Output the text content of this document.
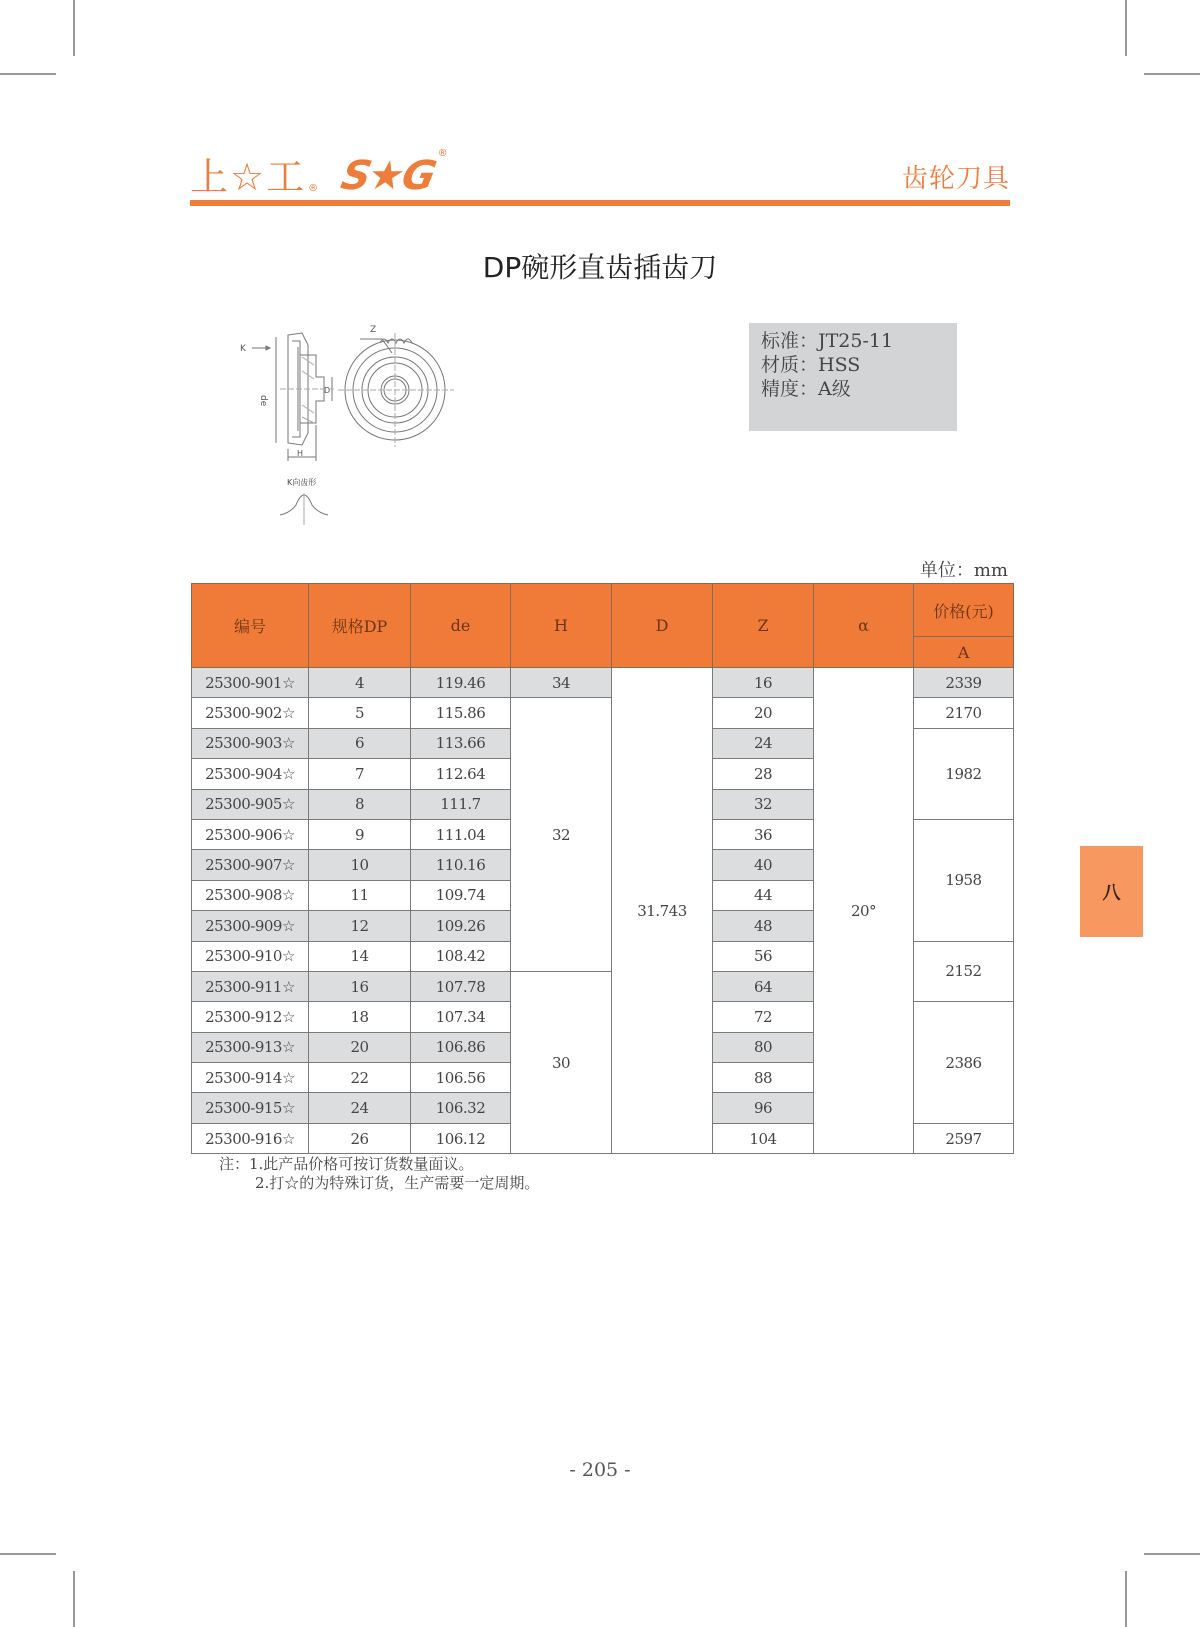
上☆工 ® S★G ®
齿轮刀具
DP碗形直齿插齿刀
K
de
D
H
Z
K向齿形
标准：JT25-11
材质：HSS
精度：A级
单位：mm
编号	规格DP	de	H	D	Z	α	价格(元)
							A
25300-901☆	4	119.46	34	31.743	16	20°	2339
25300-902☆	5	115.86	32		20		2170
25300-903☆	6	113.66			24		1982
25300-904☆	7	112.64			28		
25300-905☆	8	111.7			32		
25300-906☆	9	111.04			36		1958
25300-907☆	10	110.16			40		
25300-908☆	11	109.74			44		
25300-909☆	12	109.26			48		
25300-910☆	14	108.42			56		2152
25300-911☆	16	107.78	30		64		
25300-912☆	18	107.34			72		2386
25300-913☆	20	106.86			80		
25300-914☆	22	106.56			88		
25300-915☆	24	106.32			96		
25300-916☆	26	106.12			104		2597
注：1.此产品价格可按订货数量面议。
2.打☆的为特殊订货，生产需要一定周期。
八
- 205 -
